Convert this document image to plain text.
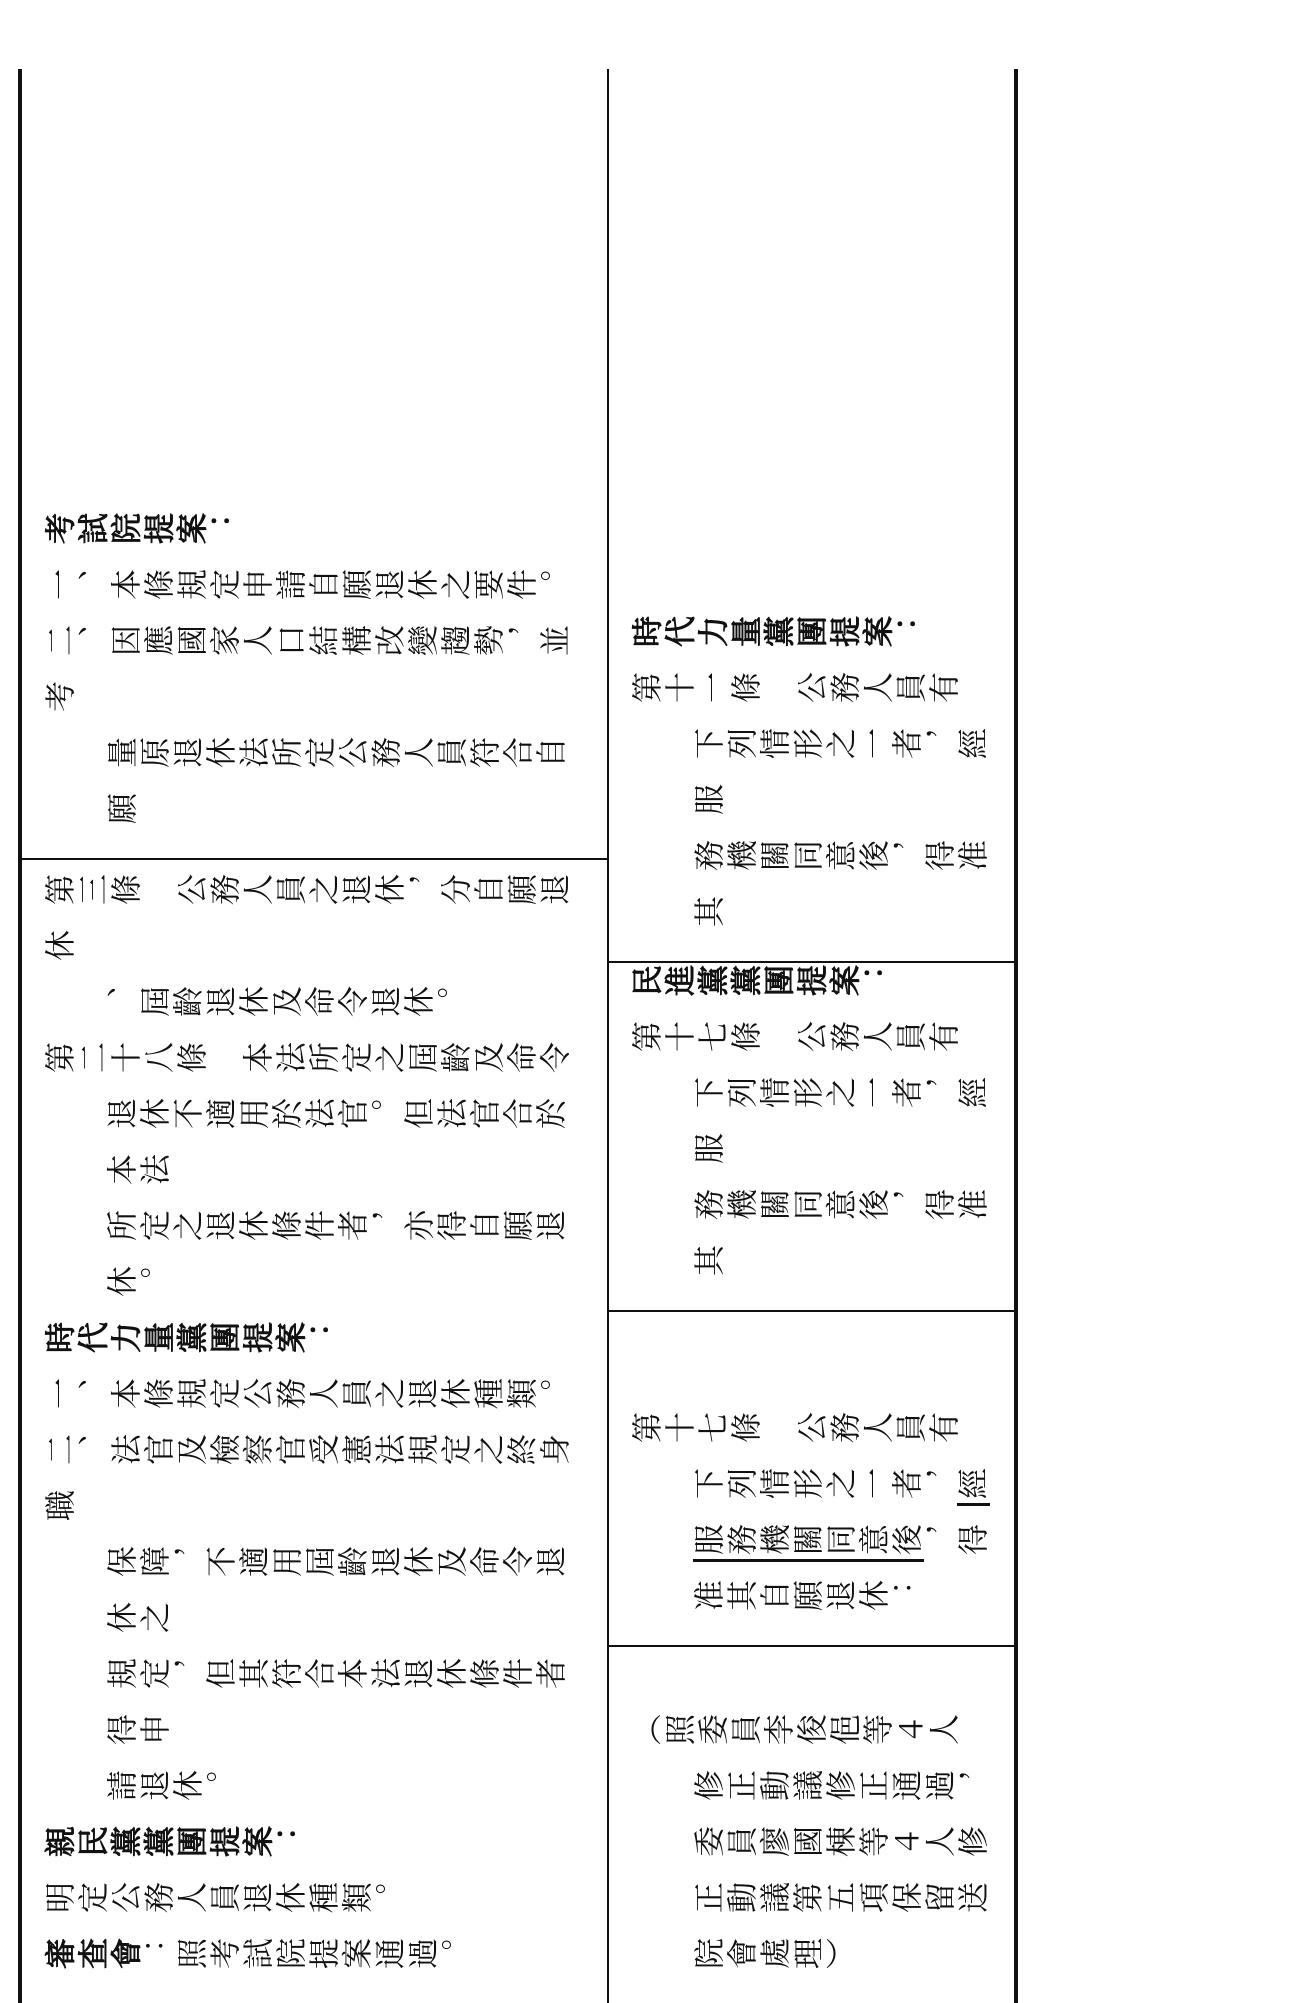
第三條　公務人員之退休，分自願退休
、屆齡退休及命令退休。
第二十八條　本法所定之屆齡及命令
退休不適用於法官。但法官合於本法
所定之退休條件者，亦得自願退休。
時代力量黨團提案：
一、本條規定公務人員之退休種類。
二、法官及檢察官受憲法規定之終身職
保障，不適用屆齡退休及命令退休之
規定，但其符合本法退休條件者得申
請退休。
親民黨黨團提案：
明定公務人員退休種類。
審查會：照考試院提案通過。
考試院提案：
一、本條規定申請自願退休之要件。
二、因應國家人口結構改變趨勢，並考
量原退休法所定公務人員符合自願
（照委員李俊俋等４人
修正動議修正通過，
委員廖國棟等４人修
正動議第五項保留送
院會處理）
第十七條　公務人員有
下列情形之一者，經
服務機關同意後，得
准其自願退休：
民進黨黨團提案：
第十七條　公務人員有
下列情形之一者，經服
務機關同意後，得准其
時代力量黨團提案：
第十一條　公務人員有
下列情形之一者，經服
務機關同意後，得准其
